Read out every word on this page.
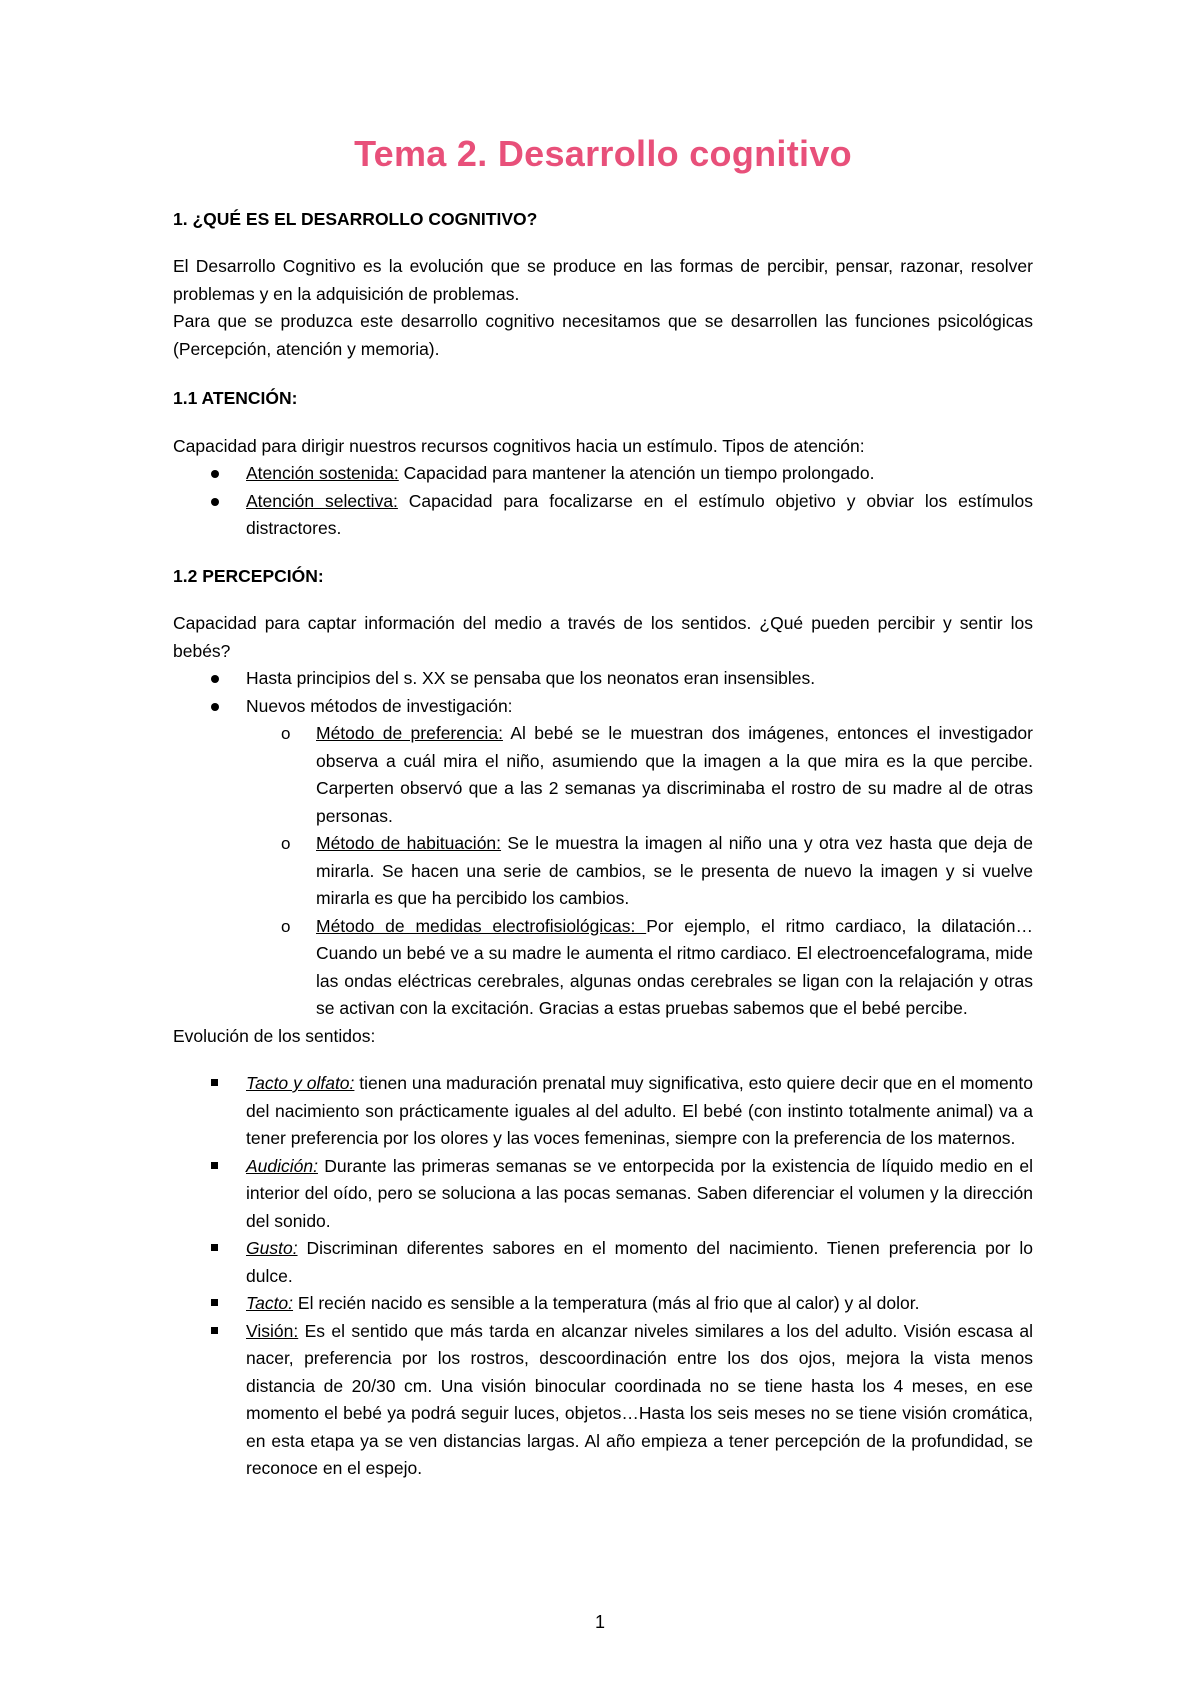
Tema 2. Desarrollo cognitivo
1. ¿QUÉ ES EL DESARROLLO COGNITIVO?

El Desarrollo Cognitivo es la evolución que se produce en las formas de percibir, pensar, razonar, resolver problemas y en la adquisición de problemas.

Para que se produzca este desarrollo cognitivo necesitamos que se desarrollen las funciones psicológicas (Percepción, atención y memoria).

1.1 ATENCIÓN:

Capacidad para dirigir nuestros recursos cognitivos hacia un estímulo. Tipos de atención:

Atención sostenida: Capacidad para mantener la atención un tiempo prolongado.
Atención selectiva: Capacidad para focalizarse en el estímulo objetivo y obviar los estímulos distractores.
1.2 PERCEPCIÓN:

Capacidad para captar información del medio a través de los sentidos. ¿Qué pueden percibir y sentir los bebés?

Hasta principios del s. XX se pensaba que los neonatos eran insensibles.
Nuevos métodos de investigación:
o Método de preferencia: Al bebé se le muestran dos imágenes, entonces el investigador observa a cuál mira el niño, asumiendo que la imagen a la que mira es la que percibe. Carperten observó que a las 2 semanas ya discriminaba el rostro de su madre al de otras personas.
o Método de habituación: Se le muestra la imagen al niño una y otra vez hasta que deja de mirarla. Se hacen una serie de cambios, se le presenta de nuevo la imagen y si vuelve mirarla es que ha percibido los cambios.
o Método de medidas electrofisiológicas: Por ejemplo, el ritmo cardiaco, la dilatación… Cuando un bebé ve a su madre le aumenta el ritmo cardiaco. El electroencefalograma, mide las ondas eléctricas cerebrales, algunas ondas cerebrales se ligan con la relajación y otras se activan con la excitación. Gracias a estas pruebas sabemos que el bebé percibe.

Evolución de los sentidos:

Tacto y olfato: tienen una maduración prenatal muy significativa, esto quiere decir que en el momento del nacimiento son prácticamente iguales al del adulto. El bebé (con instinto totalmente animal) va a tener preferencia por los olores y las voces femeninas, siempre con la preferencia de los maternos.
Audición: Durante las primeras semanas se ve entorpecida por la existencia de líquido medio en el interior del oído, pero se soluciona a las pocas semanas. Saben diferenciar el volumen y la dirección del sonido.
Gusto: Discriminan diferentes sabores en el momento del nacimiento. Tienen preferencia por lo dulce.
Tacto: El recién nacido es sensible a la temperatura (más al frio que al calor) y al dolor.
Visión: Es el sentido que más tarda en alcanzar niveles similares a los del adulto. Visión escasa al nacer, preferencia por los rostros, descoordinación entre los dos ojos, mejora la vista menos distancia de 20/30 cm. Una visión binocular coordinada no se tiene hasta los 4 meses, en ese momento el bebé ya podrá seguir luces, objetos…Hasta los seis meses no se tiene visión cromática, en esta etapa ya se ven distancias largas. Al año empieza a tener percepción de la profundidad, se reconoce en el espejo.
1
